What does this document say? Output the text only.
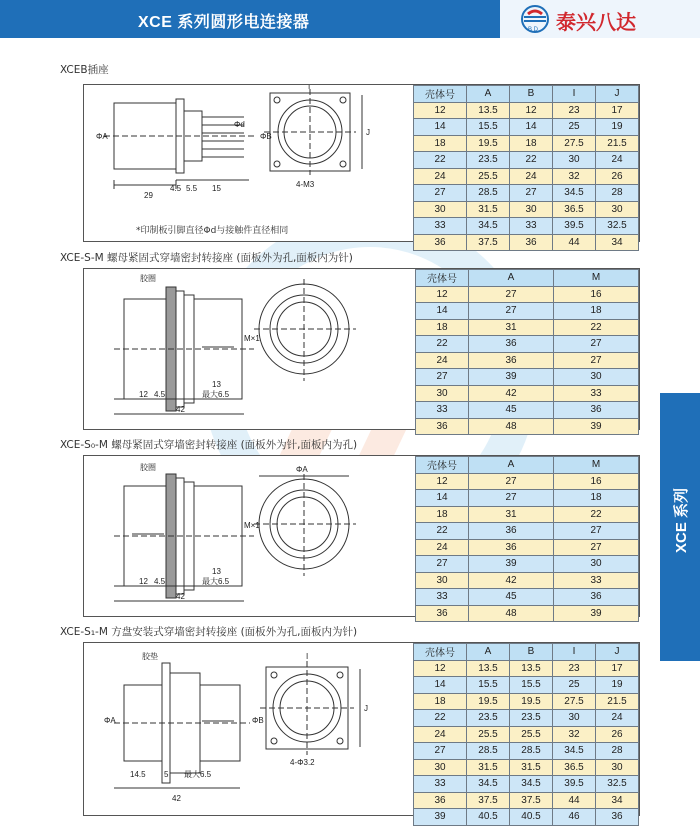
XCE 系列圆形电连接器	B D 泰兴八达
XCE 系列
XCEB插座
ΦA	ΦB
Φd
29
4.5 5.5 15	4-M3
I
J
*印制板引脚直径Φd与接触件直径相同
壳体号	A	B	I	J
12	13.5	12	23	17
14	15.5	14	25	19
18	19.5	18	27.5	21.5
22	23.5	22	30	24
24	25.5	24	32	26
27	28.5	27	34.5	28
30	31.5	30	36.5	30
33	34.5	33	39.5	32.5
36	37.5	36	44	34
XCE-S-M 螺母紧固式穿墙密封转接座 (面板外为孔,面板内为针)
胶圈
M×1
12 4.5	最大6.5
13
42
壳体号	A	M
12	27	16
14	27	18
18	31	22
22	36	27
24	36	27
27	39	30
30	42	33
33	45	36
36	48	39
XCE-S₀-M 螺母紧固式穿墙密封转接座 (面板外为针,面板内为孔)
胶圈	ΦA
M×1
12 4.5	最大6.5
13
42
壳体号	A	M
12	27	16
14	27	18
18	31	22
22	36	27
24	36	27
27	39	30
30	42	33
33	45	36
36	48	39
XCE-S₁-M 方盘安装式穿墙密封转接座 (面板外为孔,面板内为针)
胶垫
ΦA	ΦB
14.5 5 最大6.5
42
4-Φ3.2
I
J
壳体号	A	B	I	J
12	13.5	13.5	23	17
14	15.5	15.5	25	19
18	19.5	19.5	27.5	21.5
22	23.5	23.5	30	24
24	25.5	25.5	32	26
27	28.5	28.5	34.5	28
30	31.5	31.5	36.5	30
33	34.5	34.5	39.5	32.5
36	37.5	37.5	44	34
39	40.5	40.5	46	36
